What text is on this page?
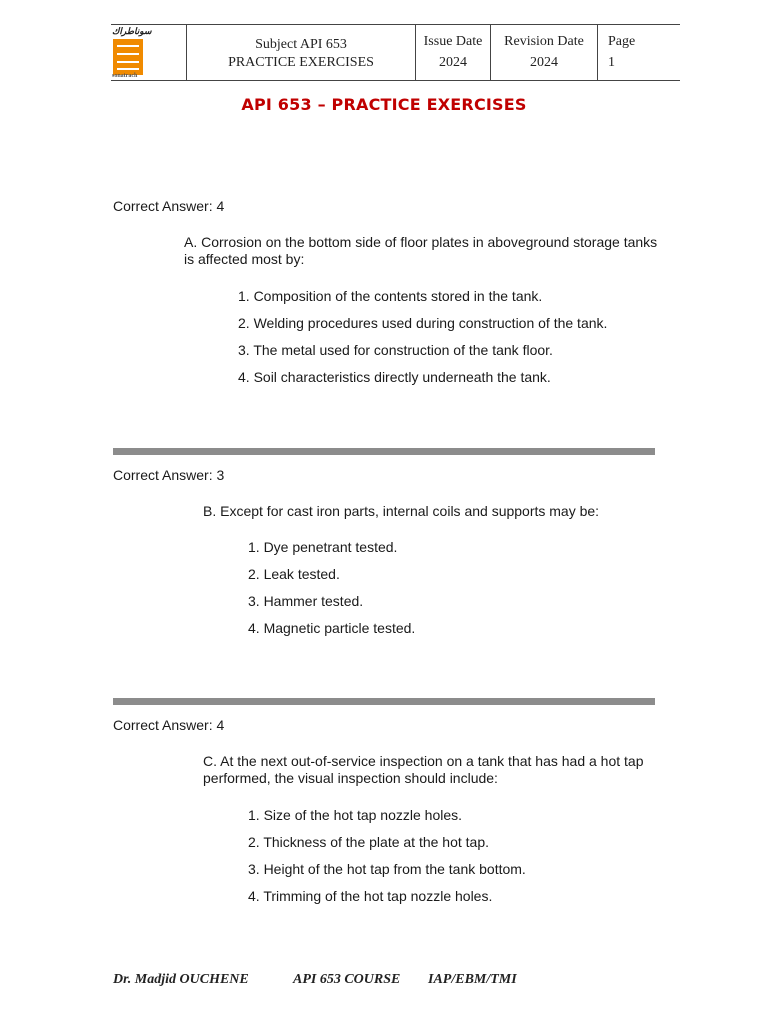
سوناطراك
sonatrach
Subject API 653
PRACTICE EXERCISES
Issue Date
2024
Revision Date
2024
Page
1
API 653 – PRACTICE EXERCISES
Correct Answer: 4
A. Corrosion on the bottom side of floor plates in aboveground storage tanks is affected most by:
1. Composition of the contents stored in the tank.
2. Welding procedures used during construction of the tank.
3. The metal used for construction of the tank floor.
4. Soil characteristics directly underneath the tank.
Correct Answer: 3
B. Except for cast iron parts, internal coils and supports may be:
1. Dye penetrant tested.
2. Leak tested.
3. Hammer tested.
4. Magnetic particle tested.
Correct Answer: 4
C. At the next out-of-service inspection on a tank that has had a hot tap performed, the visual inspection should include:
1. Size of the hot tap nozzle holes.
2. Thickness of the plate at the hot tap.
3. Height of the hot tap from the tank bottom.
4. Trimming of the hot tap nozzle holes.
Dr. Madjid OUCHENE	API 653 COURSE IAP/EBM/TMI
